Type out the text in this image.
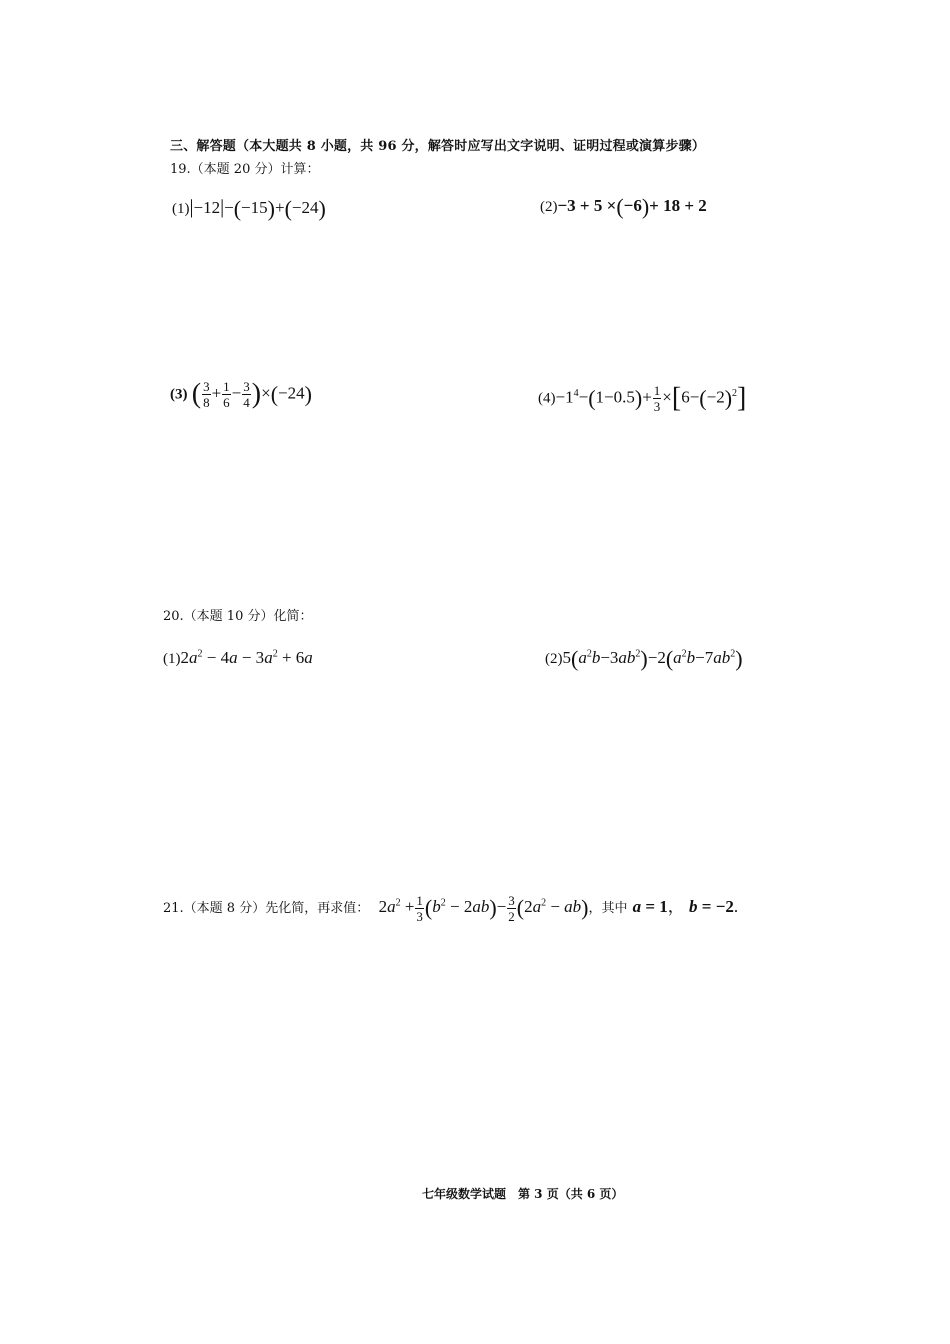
三、解答题（本大题共 8 小题，共 96 分，解答时应写出文字说明、证明过程或演算步骤）
19.（本题 20 分）计算：
(1)|−12|−(−15)+(−24)	(2)−3 + 5 ×(−6)+ 18 + 2
(3) ( $\frac{3}{8} + \frac{1}{6} - \frac{3}{4} )\times(-24)$	$(4)-1^4-(1-0.5)+ \frac{1}{3} \times[6-(-2)^2]$
20.（本题 10 分）化简：
$(1)2a^2 - 4a - 3a^2 + 6a$	$(2)5(a^2b-3ab^2)-2(a^2b-7ab^2)$
21.（本题 8 分）先化简，再求值：  $2a^2 + \frac{1}{3} (b^2 - 2ab)- \frac{3}{2} (2a^2 - ab)$，其中 a = 1， b = −2.
七年级数学试题　第 3 页（共 6 页）
